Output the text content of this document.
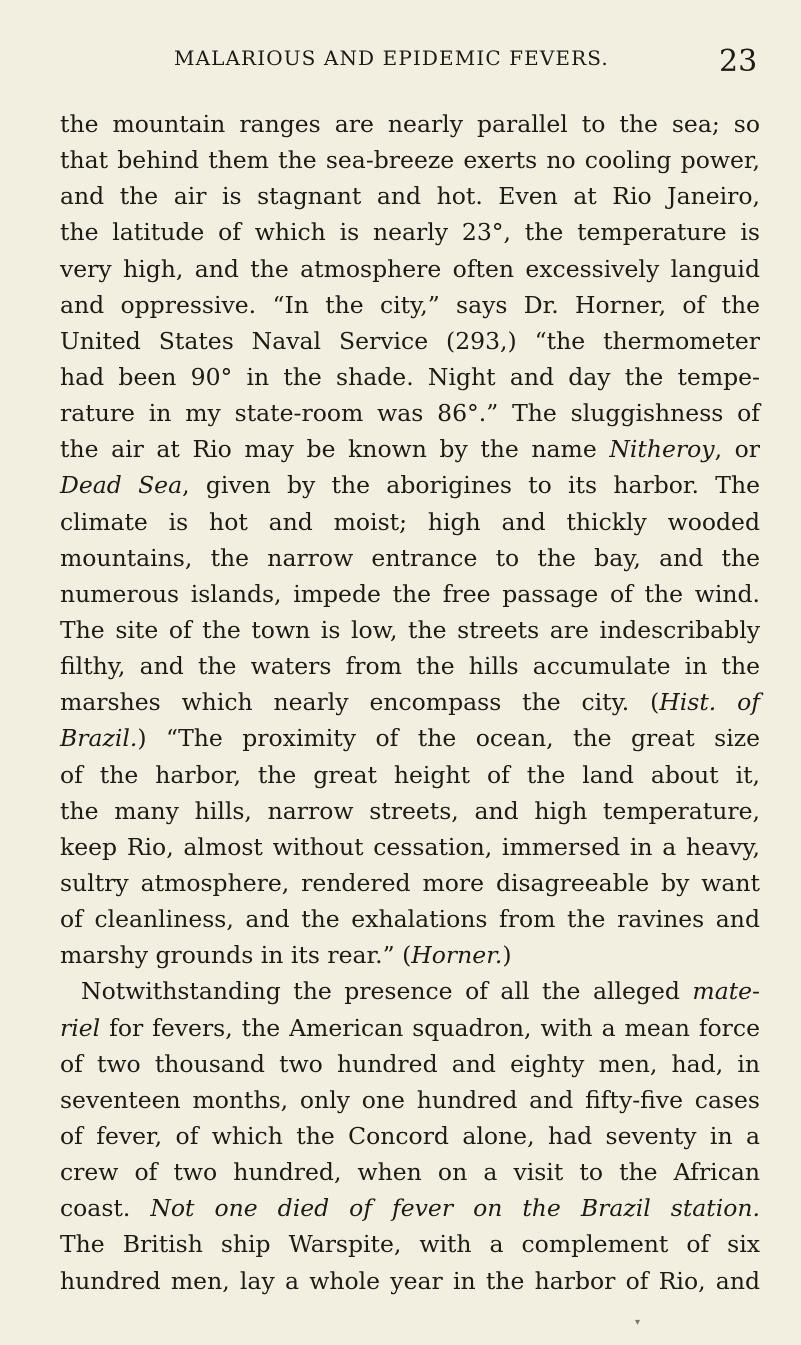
MALARIOUS AND EPIDEMIC FEVERS.	23
the mountain ranges are nearly parallel to the sea; so
that behind them the sea-breeze exerts no cooling power,
and the air is stagnant and hot. Even at Rio Janeiro,
the latitude of which is nearly 23°, the temperature is
very high, and the atmosphere often excessively languid
and oppressive. “In the city,” says Dr. Horner, of the
United States Naval Service (293,) “the thermometer
had been 90° in the shade. Night and day the tempe-
rature in my state-room was 86°.” The sluggishness of
the air at Rio may be known by the name Nitheroy, or
Dead Sea, given by the aborigines to its harbor. The
climate is hot and moist; high and thickly wooded
mountains, the narrow entrance to the bay, and the
numerous islands, impede the free passage of the wind.
The site of the town is low, the streets are indescribably
filthy, and the waters from the hills accumulate in the
marshes which nearly encompass the city. (Hist. of
Brazil.) “The proximity of the ocean, the great size
of the harbor, the great height of the land about it,
the many hills, narrow streets, and high temperature,
keep Rio, almost without cessation, immersed in a heavy,
sultry atmosphere, rendered more disagreeable by want
of cleanliness, and the exhalations from the ravines and
marshy grounds in its rear.” (Horner.)
Notwithstanding the presence of all the alleged mate-
riel for fevers, the American squadron, with a mean force
of two thousand two hundred and eighty men, had, in
seventeen months, only one hundred and fifty-five cases
of fever, of which the Concord alone, had seventy in a
crew of two hundred, when on a visit to the African
coast. Not one died of fever on the Brazil station.
The British ship Warspite, with a complement of six
hundred men, lay a whole year in the harbor of Rio, and
▾
